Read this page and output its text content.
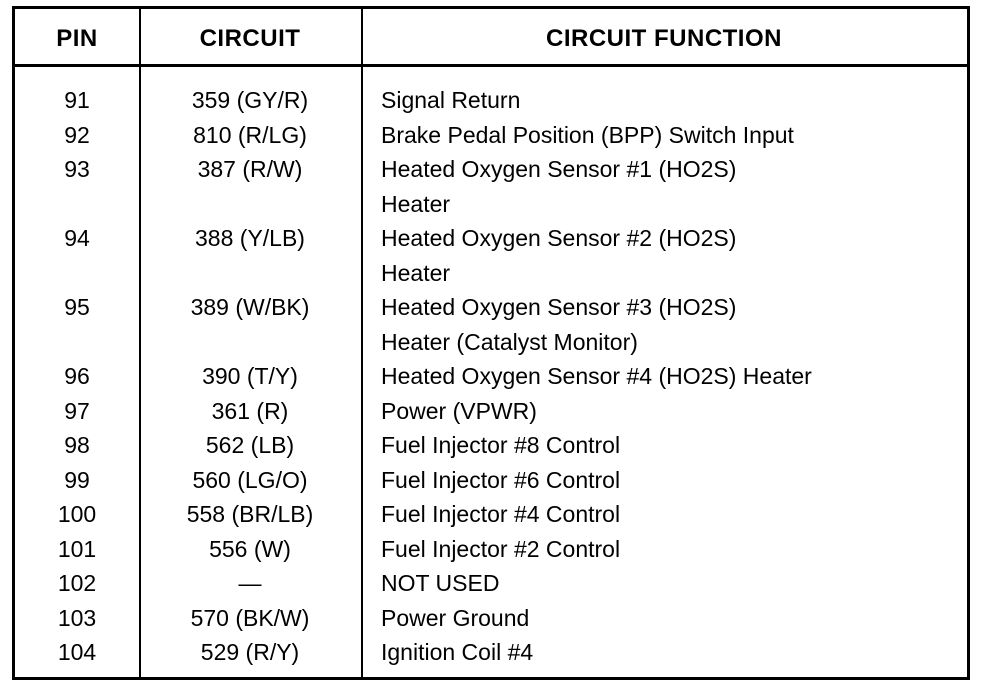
PIN	CIRCUIT	CIRCUIT FUNCTION
91	359 (GY/R)	Signal Return
92	810 (R/LG)	Brake Pedal Position (BPP) Switch Input
93	387 (R/W)	Heated Oxygen Sensor #1 (HO2S)
Heater
94	388 (Y/LB)	Heated Oxygen Sensor #2 (HO2S)
Heater
95	389 (W/BK)	Heated Oxygen Sensor #3 (HO2S)
Heater (Catalyst Monitor)
96	390 (T/Y)	Heated Oxygen Sensor #4 (HO2S) Heater
97	361 (R)	Power (VPWR)
98	562 (LB)	Fuel Injector #8 Control
99	560 (LG/O)	Fuel Injector #6 Control
100	558 (BR/LB)	Fuel Injector #4 Control
101	556 (W)	Fuel Injector #2 Control
102	—	NOT USED
103	570 (BK/W)	Power Ground
104	529 (R/Y)	Ignition Coil #4
